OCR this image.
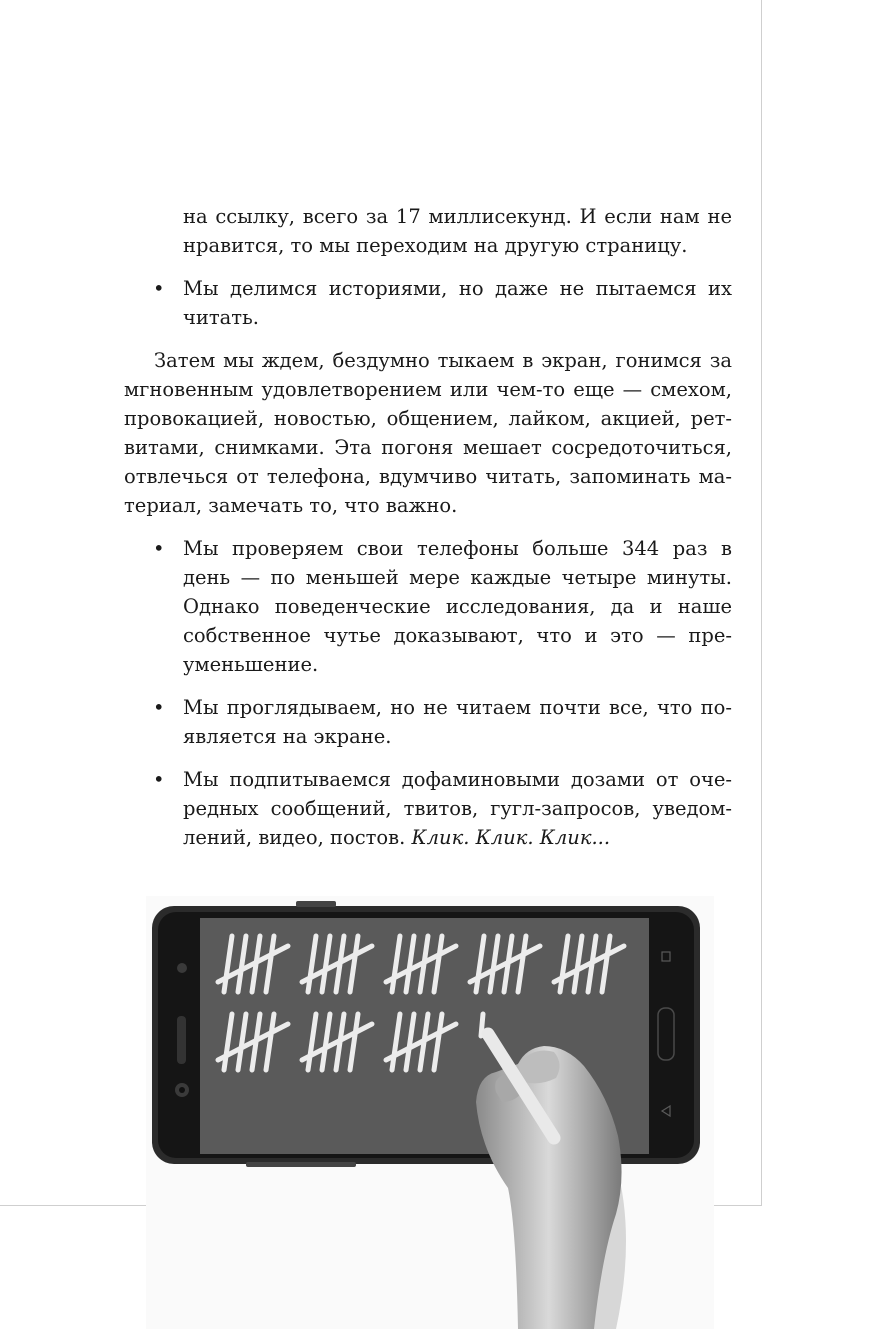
на ссылку, всего за 17 миллисекунд. И если нам не нравится, то мы переходим на другую страницу.

• Мы делимся историями, но даже не пытаемся их читать.

Затем мы ждем, бездумно тыкаем в экран, гонимся за мгновенным удовлетворением или чем-то еще — смехом, провокацией, новостью, общением, лайком, акцией, ретвитами, снимками. Эта погоня мешает сосредоточиться, отвлечься от телефона, вдумчиво читать, запоминать материал, замечать то, что важно.

• Мы проверяем свои телефоны больше 344 раз в день — по меньшей мере каждые четыре минуты. Однако поведенческие исследования, да и наше собственное чутье доказывают, что и это — преуменьшение.

• Мы проглядываем, но не читаем почти все, что появляется на экране.

• Мы подпитываемся дофаминовыми дозами от очередных сообщений, твитов, гугл-запросов, уведомлений, видео, постов. Клик. Клик. Клик...
